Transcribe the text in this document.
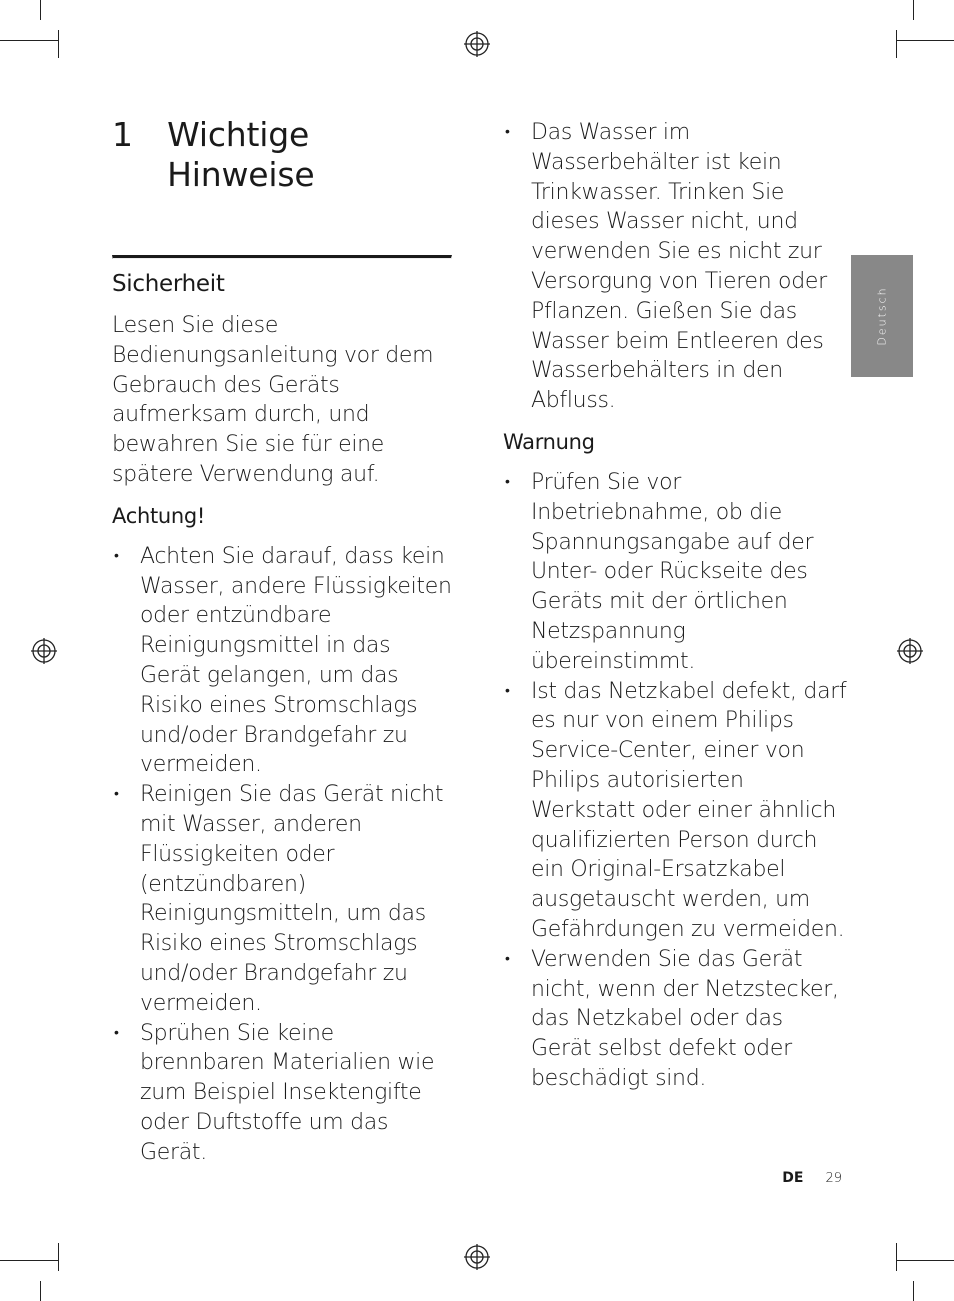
1	Wichtige Hinweise
Sicherheit

Lesen Sie diese Bedienungsanleitung vor dem Gebrauch des Geräts aufmerksam durch, und bewahren Sie sie für eine spätere Verwendung auf.

Achtung!
• Achten Sie darauf, dass kein Wasser, andere Flüssigkeiten oder entzündbare Reinigungsmittel in das Gerät gelangen, um das Risiko eines Stromschlags und/oder Brandgefahr zu vermeiden.
• Reinigen Sie das Gerät nicht mit Wasser, anderen Flüssigkeiten oder (entzündbaren) Reinigungsmitteln, um das Risiko eines Stromschlags und/oder Brandgefahr zu vermeiden.
• Sprühen Sie keine brennbaren Materialien wie zum Beispiel Insektengifte oder Duftstoffe um das Gerät.
• Das Wasser im Wasserbehälter ist kein Trinkwasser. Trinken Sie dieses Wasser nicht, und verwenden Sie es nicht zur Versorgung von Tieren oder Pflanzen. Gießen Sie das Wasser beim Entleeren des Wasserbehälters in den Abfluss.
Warnung
• Prüfen Sie vor Inbetriebnahme, ob die Spannungsangabe auf der Unter- oder Rückseite des Geräts mit der örtlichen Netzspannung übereinstimmt.
• Ist das Netzkabel defekt, darf es nur von einem Philips Service-Center, einer von Philips autorisierten Werkstatt oder einer ähnlich qualifizierten Person durch ein Original-Ersatzkabel ausgetauscht werden, um Gefährdungen zu vermeiden.
• Verwenden Sie das Gerät nicht, wenn der Netzstecker, das Netzkabel oder das Gerät selbst defekt oder beschädigt sind.
Deutsch
DE 29
